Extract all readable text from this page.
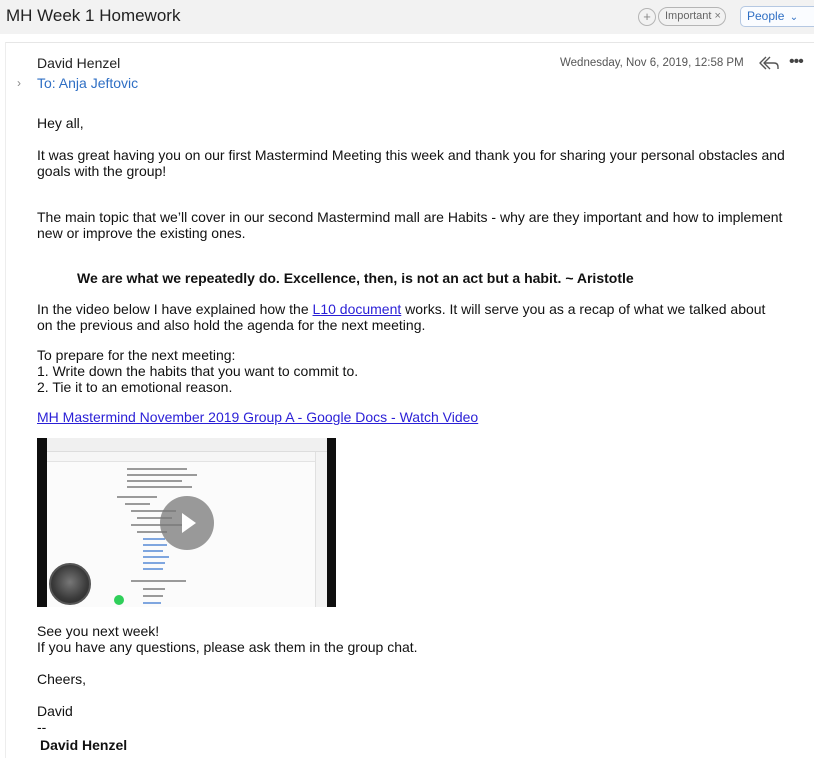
MH Week 1 Homework	+	Important ×	People ⌄
David Henzel
› To: Anja Jeftovic
Wednesday, Nov 6, 2019, 12:58 PM	•••
Hey all,
It was great having you on our first Mastermind Meeting this week and thank you for sharing your personal obstacles and
goals with the group!
The main topic that we’ll cover in our second Mastermind mall are Habits - why are they important and how to implement
new or improve the existing ones.
We are what we repeatedly do. Excellence, then, is not an act but a habit. ~ Aristotle
In the video below I have explained how the L10 document works. It will serve you as a recap of what we talked about
on the previous and also hold the agenda for the next meeting.
To prepare for the next meeting:
1. Write down the habits that you want to commit to.
2. Tie it to an emotional reason.
MH Mastermind November 2019 Group A - Google Docs - Watch Video
See you next week!
If you have any questions, please ask them in the group chat.
Cheers,
David
--
David Henzel
